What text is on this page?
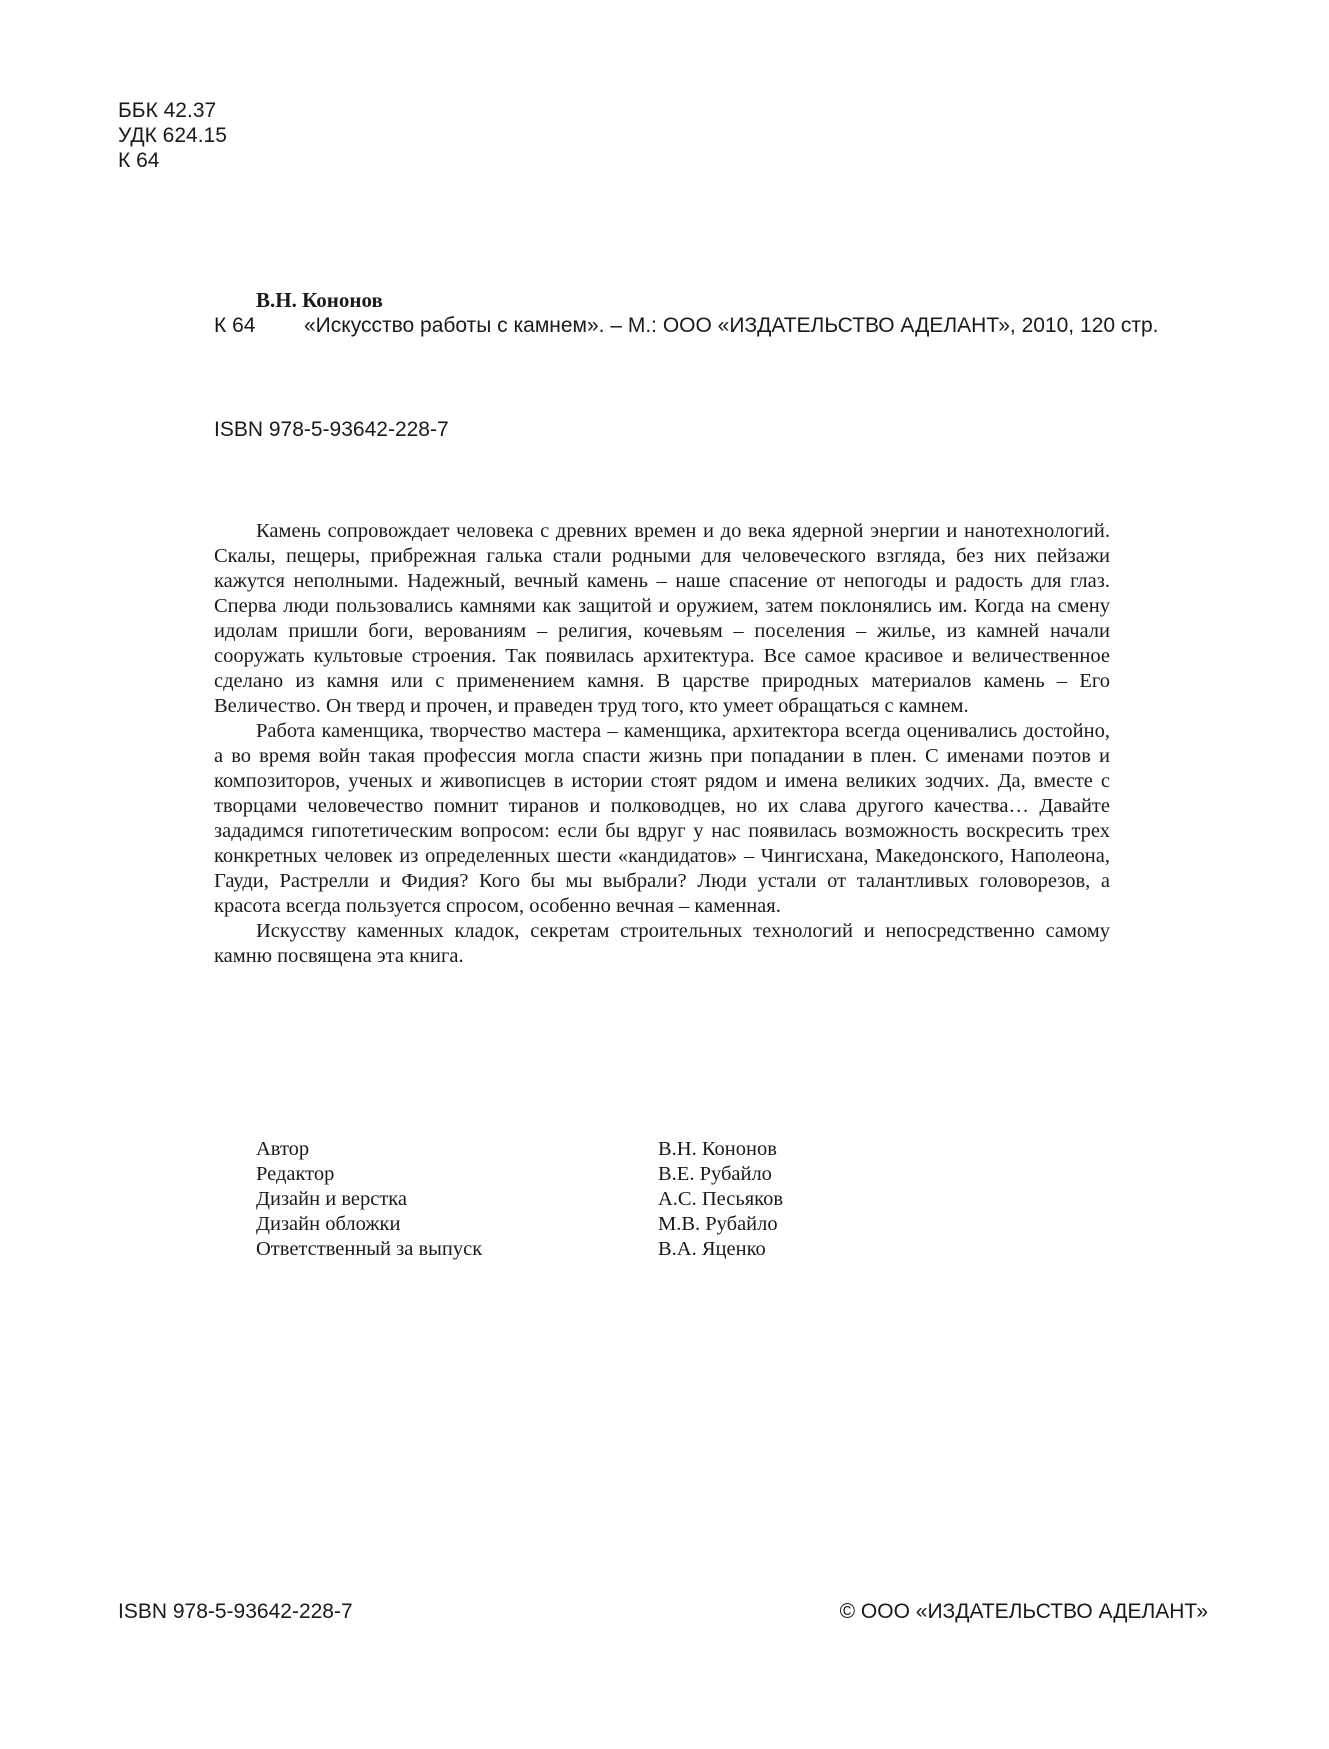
ББК 42.37
УДК 624.15
К 64
В.Н. Кононов
К 64 «Искусство работы с камнем». – М.: ООО «ИЗДАТЕЛЬСТВО АДЕЛАНТ», 2010, 120 стр.
ISBN 978-5-93642-228-7

Камень сопровождает человека с древних времен и до века ядерной энергии и нанотехнологий. Скалы, пещеры, прибрежная галька стали родными для человеческого взгляда, без них пейзажи кажутся неполными. Надежный, вечный камень – наше спасение от непогоды и радость для глаз. Сперва люди пользовались камнями как защитой и оружием, затем поклонялись им. Когда на смену идолам пришли боги, верованиям – религия, кочевьям – поселения – жилье, из камней начали сооружать культовые строения. Так появилась архитектура. Все самое красивое и величественное сделано из камня или с применением камня. В царстве природных материалов камень – Его Величество. Он тверд и прочен, и праведен труд того, кто умеет обращаться с камнем.

Работа каменщика, творчество мастера – каменщика, архитектора всегда оценивались достойно, а во время войн такая профессия могла спасти жизнь при попадании в плен. С именами поэтов и композиторов, ученых и живописцев в истории стоят рядом и имена великих зодчих. Да, вместе с творцами человечество помнит тиранов и полководцев, но их слава другого качества… Давайте зададимся гипотетическим вопросом: если бы вдруг у нас появилась возможность воскресить трех конкретных человек из определенных шести «кандидатов» – Чингисхана, Македонского, Наполеона, Гауди, Растрелли и Фидия? Кого бы мы выбрали? Люди устали от талантливых головорезов, а красота всегда пользуется спросом, особенно вечная – каменная.

Искусству каменных кладок, секретам строительных технологий и непосредственно самому камню посвящена эта книга.

Автор	В.Н. Кононов
Редактор	В.Е. Рубайло
Дизайн и верстка	А.С. Песьяков
Дизайн обложки	М.В. Рубайло
Ответственный за выпуск	В.А. Яценко
ISBN 978-5-93642-228-7	© ООО «ИЗДАТЕЛЬСТВО АДЕЛАНТ»
